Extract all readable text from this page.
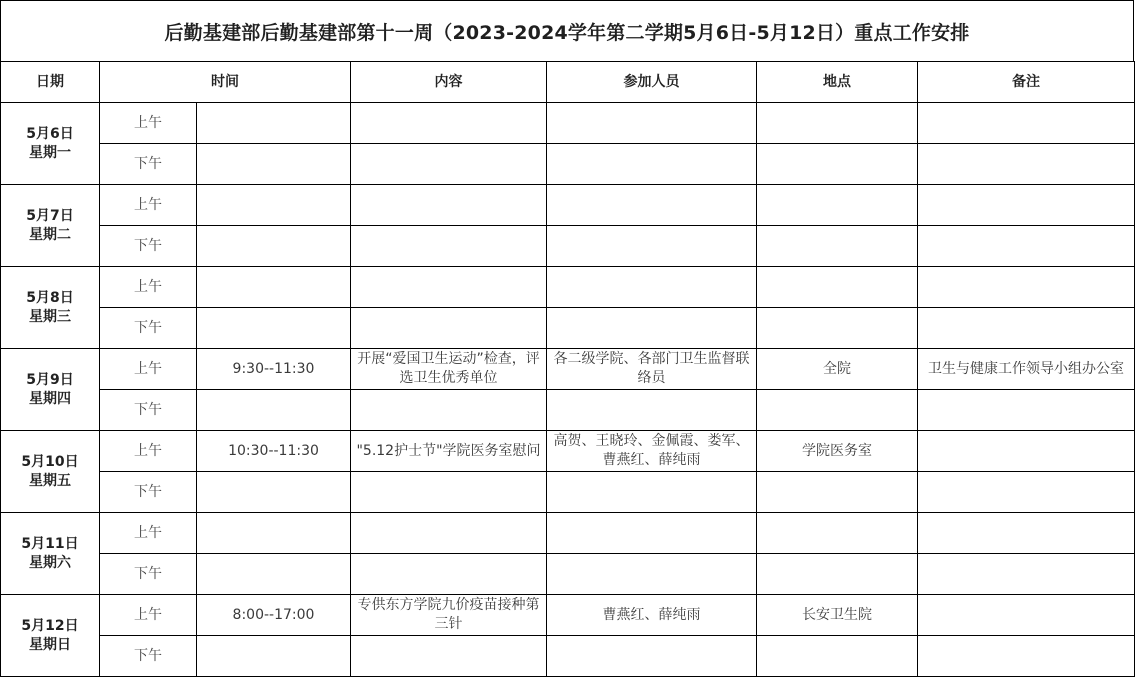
后勤基建部后勤基建部第十一周（2023-2024学年第二学期5月6日-5月12日）重点工作安排
日期	时间		内容	参加人员	地点	备注

5月6日
星期一	上午					
	下午					

5月7日
星期二	上午					
	下午					

5月8日
星期三	上午					
	下午					

5月9日
星期四	上午	9:30--11:30	开展“爱国卫生运动”检查，评选卫生优秀单位	各二级学院、各部门卫生监督联络员	全院	卫生与健康工作领导小组办公室
	下午					

5月10日
星期五	上午	10:30--11:30	"5.12护士节"学院医务室慰问	高贺、王晓玲、金佩霞、娄军、曹燕红、薛纯雨	学院医务室	
	下午					

5月11日
星期六	上午					
	下午					

5月12日
星期日	上午	8:00--17:00	专供东方学院九价疫苗接种第三针	曹燕红、薛纯雨	长安卫生院	
	下午					
